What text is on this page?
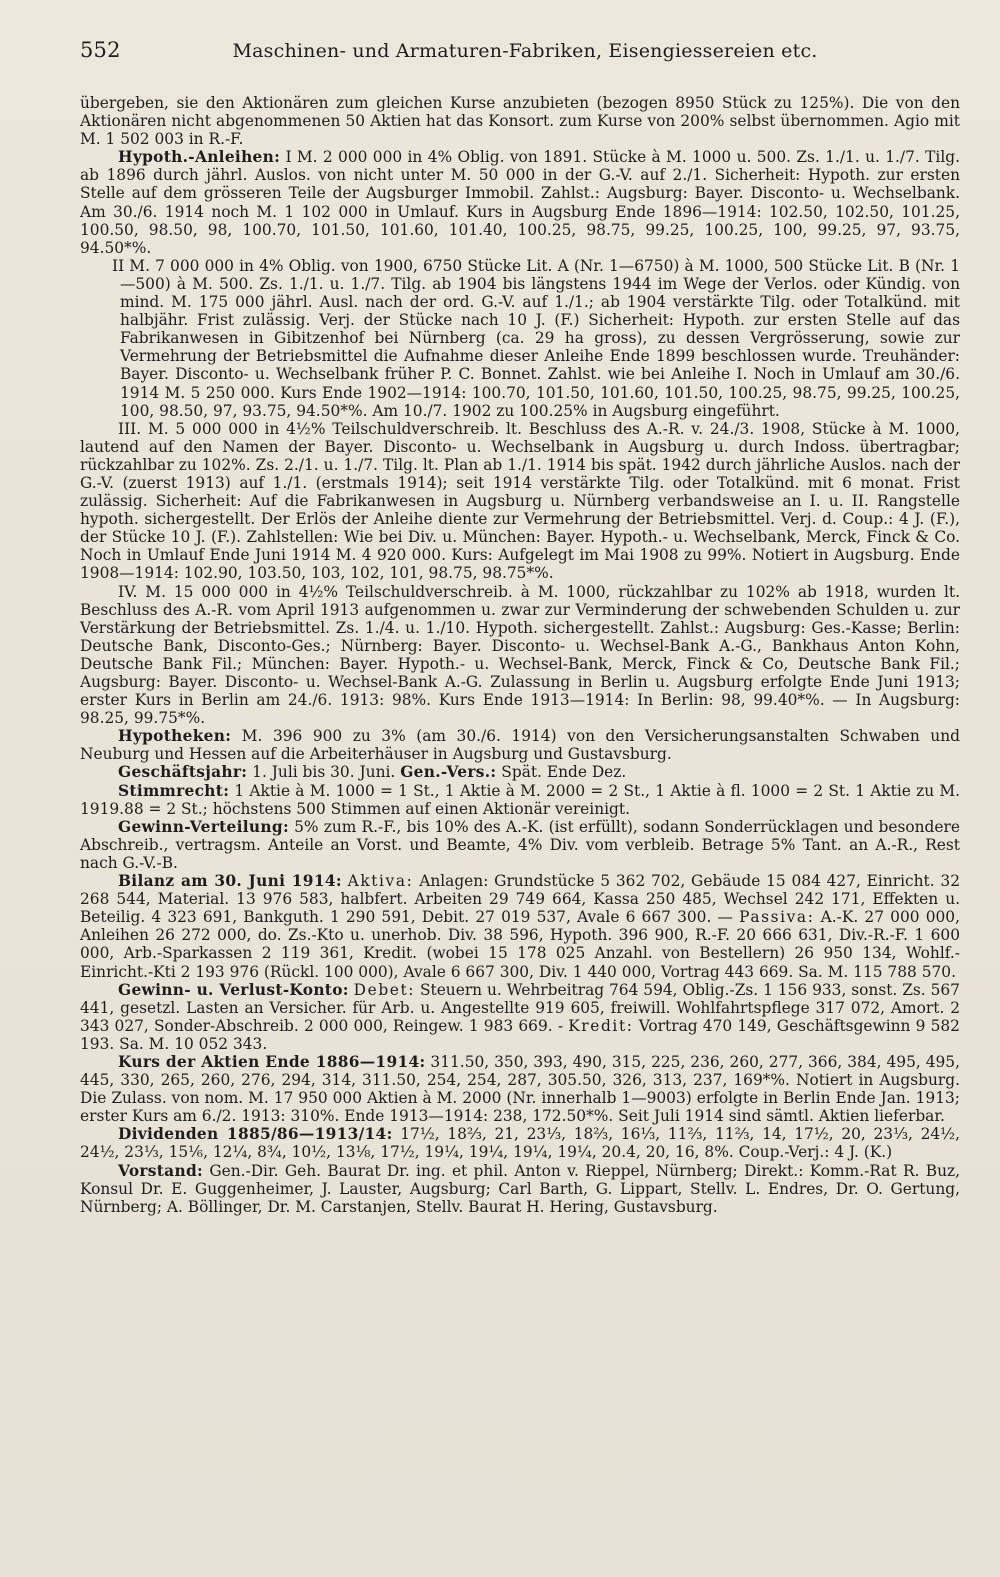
552	Maschinen- und Armaturen-Fabriken, Eisengiessereien etc.

übergeben, sie den Aktionären zum gleichen Kurse anzubieten (bezogen 8950 Stück zu 125%). Die von den Aktionären nicht abgenommenen 50 Aktien hat das Konsort. zum Kurse von 200% selbst übernommen. Agio mit M. 1 502 003 in R.-F.

Hypoth.-Anleihen: I M. 2 000 000 in 4% Oblig. von 1891. Stücke à M. 1000 u. 500. Zs. 1./1. u. 1./7. Tilg. ab 1896 durch jährl. Auslos. von nicht unter M. 50 000 in der G.-V. auf 2./1. Sicherheit: Hypoth. zur ersten Stelle auf dem grösseren Teile der Augsburger Immobil. Zahlst.: Augsburg: Bayer. Disconto- u. Wechselbank. Am 30./6. 1914 noch M. 1 102 000 in Umlauf. Kurs in Augsburg Ende 1896—1914: 102.50, 102.50, 101.25, 100.50, 98.50, 98, 100.70, 101.50, 101.60, 101.40, 100.25, 98.75, 99.25, 100.25, 100, 99.25, 97, 93.75, 94.50*%.

II M. 7 000 000 in 4% Oblig. von 1900, 6750 Stücke Lit. A (Nr. 1—6750) à M. 1000, 500 Stücke Lit. B (Nr. 1—500) à M. 500. Zs. 1./1. u. 1./7. Tilg. ab 1904 bis längstens 1944 im Wege der Verlos. oder Kündig. von mind. M. 175 000 jährl. Ausl. nach der ord. G.-V. auf 1./1.; ab 1904 verstärkte Tilg. oder Totalkünd. mit halbjähr. Frist zulässig. Verj. der Stücke nach 10 J. (F.) Sicherheit: Hypoth. zur ersten Stelle auf das Fabrikanwesen in Gibitzenhof bei Nürnberg (ca. 29 ha gross), zu dessen Vergrösserung, sowie zur Vermehrung der Betriebsmittel die Aufnahme dieser Anleihe Ende 1899 beschlossen wurde. Treuhänder: Bayer. Disconto- u. Wechselbank früher P. C. Bonnet. Zahlst. wie bei Anleihe I. Noch in Umlauf am 30./6. 1914 M. 5 250 000. Kurs Ende 1902—1914: 100.70, 101.50, 101.60, 101.50, 100.25, 98.75, 99.25, 100.25, 100, 98.50, 97, 93.75, 94.50*%. Am 10./7. 1902 zu 100.25% in Augsburg eingeführt.

III. M. 5 000 000 in 4½% Teilschuldverschreib. lt. Beschluss des A.-R. v. 24./3. 1908, Stücke à M. 1000, lautend auf den Namen der Bayer. Disconto- u. Wechselbank in Augsburg u. durch Indoss. übertragbar; rückzahlbar zu 102%. Zs. 2./1. u. 1./7. Tilg. lt. Plan ab 1./1. 1914 bis spät. 1942 durch jährliche Auslos. nach der G.-V. (zuerst 1913) auf 1./1. (erstmals 1914); seit 1914 verstärkte Tilg. oder Totalkünd. mit 6 monat. Frist zulässig. Sicherheit: Auf die Fabrikanwesen in Augsburg u. Nürnberg verbandsweise an I. u. II. Rangstelle hypoth. sichergestellt. Der Erlös der Anleihe diente zur Vermehrung der Betriebsmittel. Verj. d. Coup.: 4 J. (F.), der Stücke 10 J. (F.). Zahlstellen: Wie bei Div. u. München: Bayer. Hypoth.- u. Wechselbank, Merck, Finck & Co. Noch in Umlauf Ende Juni 1914 M. 4 920 000. Kurs: Aufgelegt im Mai 1908 zu 99%. Notiert in Augsburg. Ende 1908—1914: 102.90, 103.50, 103, 102, 101, 98.75, 98.75*%.

IV. M. 15 000 000 in 4½% Teilschuldverschreib. à M. 1000, rückzahlbar zu 102% ab 1918, wurden lt. Beschluss des A.-R. vom April 1913 aufgenommen u. zwar zur Verminderung der schwebenden Schulden u. zur Verstärkung der Betriebsmittel. Zs. 1./4. u. 1./10. Hypoth. sichergestellt. Zahlst.: Augsburg: Ges.-Kasse; Berlin: Deutsche Bank, Disconto-Ges.; Nürnberg: Bayer. Disconto- u. Wechsel-Bank A.-G., Bankhaus Anton Kohn, Deutsche Bank Fil.; München: Bayer. Hypoth.- u. Wechsel-Bank, Merck, Finck & Co, Deutsche Bank Fil.; Augsburg: Bayer. Disconto- u. Wechsel-Bank A.-G. Zulassung in Berlin u. Augsburg erfolgte Ende Juni 1913; erster Kurs in Berlin am 24./6. 1913: 98%. Kurs Ende 1913—1914: In Berlin: 98, 99.40*%. — In Augsburg: 98.25, 99.75*%.

Hypotheken: M. 396 900 zu 3% (am 30./6. 1914) von den Versicherungsanstalten Schwaben und Neuburg und Hessen auf die Arbeiterhäuser in Augsburg und Gustavsburg.

Geschäftsjahr: 1. Juli bis 30. Juni. Gen.-Vers.: Spät. Ende Dez.

Stimmrecht: 1 Aktie à M. 1000 = 1 St., 1 Aktie à M. 2000 = 2 St., 1 Aktie à fl. 1000 = 2 St. 1 Aktie zu M. 1919.88 = 2 St.; höchstens 500 Stimmen auf einen Aktionär vereinigt.

Gewinn-Verteilung: 5% zum R.-F., bis 10% des A.-K. (ist erfüllt), sodann Sonderrücklagen und besondere Abschreib., vertragsm. Anteile an Vorst. und Beamte, 4% Div. vom verbleib. Betrage 5% Tant. an A.-R., Rest nach G.-V.-B.

Bilanz am 30. Juni 1914: Aktiva: Anlagen: Grundstücke 5 362 702, Gebäude 15 084 427, Einricht. 32 268 544, Material. 13 976 583, halbfert. Arbeiten 29 749 664, Kassa 250 485, Wechsel 242 171, Effekten u. Beteilig. 4 323 691, Bankguth. 1 290 591, Debit. 27 019 537, Avale 6 667 300. — Passiva: A.-K. 27 000 000, Anleihen 26 272 000, do. Zs.-Kto u. unerhob. Div. 38 596, Hypoth. 396 900, R.-F. 20 666 631, Div.-R.-F. 1 600 000, Arb.-Sparkassen 2 119 361, Kredit. (wobei 15 178 025 Anzahl. von Bestellern) 26 950 134, Wohlf.-Einricht.-Kti 2 193 976 (Rückl. 100 000), Avale 6 667 300, Div. 1 440 000, Vortrag 443 669. Sa. M. 115 788 570.

Gewinn- u. Verlust-Konto: Debet: Steuern u. Wehrbeitrag 764 594, Oblig.-Zs. 1 156 933, sonst. Zs. 567 441, gesetzl. Lasten an Versicher. für Arb. u. Angestellte 919 605, freiwill. Wohlfahrtspflege 317 072, Amort. 2 343 027, Sonder-Abschreib. 2 000 000, Reingew. 1 983 669. - Kredit: Vortrag 470 149, Geschäftsgewinn 9 582 193. Sa. M. 10 052 343.

Kurs der Aktien Ende 1886—1914: 311.50, 350, 393, 490, 315, 225, 236, 260, 277, 366, 384, 495, 495, 445, 330, 265, 260, 276, 294, 314, 311.50, 254, 254, 287, 305.50, 326, 313, 237, 169*%. Notiert in Augsburg. Die Zulass. von nom. M. 17 950 000 Aktien à M. 2000 (Nr. innerhalb 1—9003) erfolgte in Berlin Ende Jan. 1913; erster Kurs am 6./2. 1913: 310%. Ende 1913—1914: 238, 172.50*%. Seit Juli 1914 sind sämtl. Aktien lieferbar.

Dividenden 1885/86—1913/14: 17½, 18⅔, 21, 23⅓, 18⅔, 16⅓, 11⅔, 11⅔, 14, 17½, 20, 23⅓, 24½, 24½, 23⅓, 15⅙, 12¼, 8¾, 10½, 13⅛, 17½, 19¼, 19¼, 19¼, 19¼, 20.4, 20, 16, 8%. Coup.-Verj.: 4 J. (K.)

Vorstand: Gen.-Dir. Geh. Baurat Dr. ing. et phil. Anton v. Rieppel, Nürnberg; Direkt.: Komm.-Rat R. Buz, Konsul Dr. E. Guggenheimer, J. Lauster, Augsburg; Carl Barth, G. Lippart, Stellv. L. Endres, Dr. O. Gertung, Nürnberg; A. Böllinger, Dr. M. Carstanjen, Stellv. Baurat H. Hering, Gustavsburg.
